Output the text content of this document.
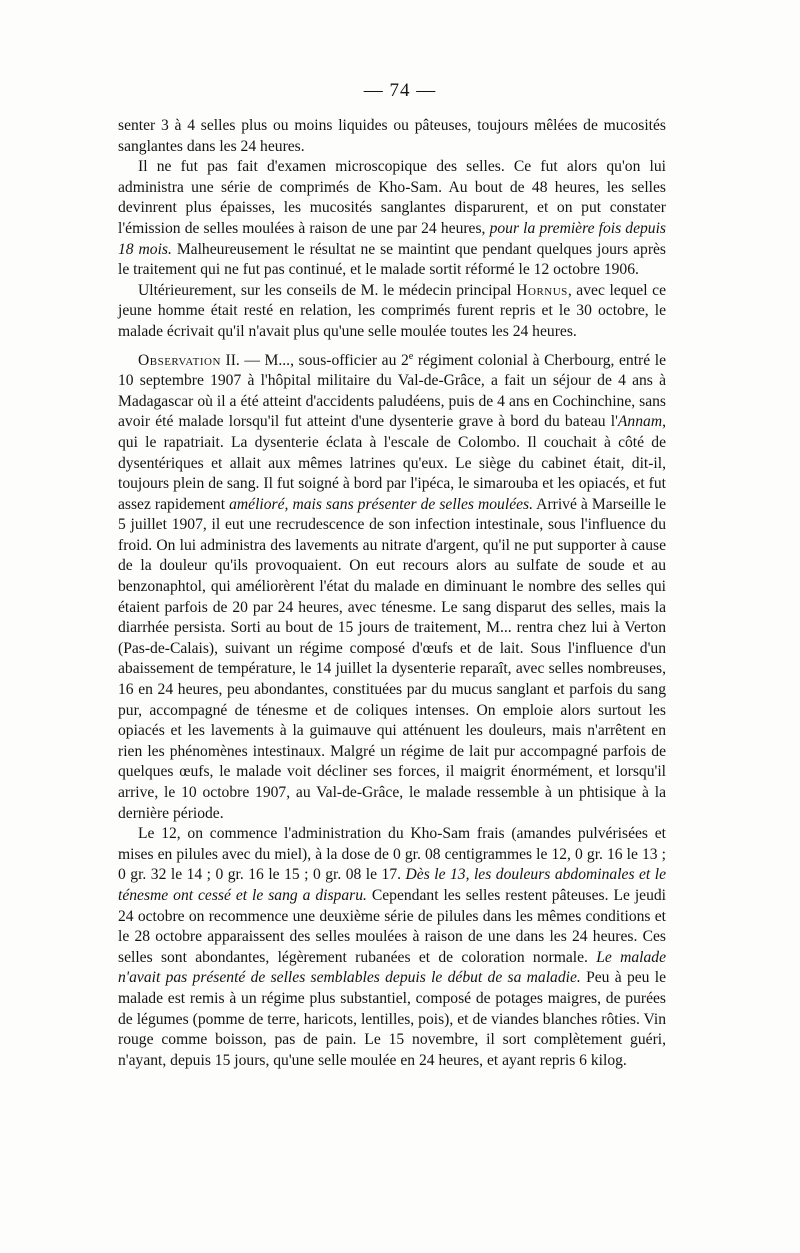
— 74 —

senter 3 à 4 selles plus ou moins liquides ou pâteuses, toujours mêlées de mucosités sanglantes dans les 24 heures.

Il ne fut pas fait d'examen microscopique des selles. Ce fut alors qu'on lui administra une série de comprimés de Kho-Sam. Au bout de 48 heures, les selles devinrent plus épaisses, les mucosités sanglantes disparurent, et on put constater l'émission de selles moulées à raison de une par 24 heures, pour la première fois depuis 18 mois. Malheureusement le résultat ne se maintint que pendant quelques jours après le traitement qui ne fut pas continué, et le malade sortit réformé le 12 octobre 1906.

Ultérieurement, sur les conseils de M. le médecin principal Hornus, avec lequel ce jeune homme était resté en relation, les comprimés furent repris et le 30 octobre, le malade écrivait qu'il n'avait plus qu'une selle moulée toutes les 24 heures.

Observation II. — M..., sous-officier au 2e régiment colonial à Cherbourg, entré le 10 septembre 1907 à l'hôpital militaire du Val-de-Grâce, a fait un séjour de 4 ans à Madagascar où il a été atteint d'accidents paludéens, puis de 4 ans en Cochinchine, sans avoir été malade lorsqu'il fut atteint d'une dysenterie grave à bord du bateau l'Annam, qui le rapatriait. La dysenterie éclata à l'escale de Colombo. Il couchait à côté de dysentériques et allait aux mêmes latrines qu'eux. Le siège du cabinet était, dit-il, toujours plein de sang. Il fut soigné à bord par l'ipéca, le simarouba et les opiacés, et fut assez rapidement amélioré, mais sans présenter de selles moulées. Arrivé à Marseille le 5 juillet 1907, il eut une recrudescence de son infection intestinale, sous l'influence du froid. On lui administra des lavements au nitrate d'argent, qu'il ne put supporter à cause de la douleur qu'ils provoquaient. On eut recours alors au sulfate de soude et au benzonaphtol, qui améliorèrent l'état du malade en diminuant le nombre des selles qui étaient parfois de 20 par 24 heures, avec ténesme. Le sang disparut des selles, mais la diarrhée persista. Sorti au bout de 15 jours de traitement, M... rentra chez lui à Verton (Pas-de-Calais), suivant un régime composé d'œufs et de lait. Sous l'influence d'un abaissement de température, le 14 juillet la dysenterie reparaît, avec selles nombreuses, 16 en 24 heures, peu abondantes, constituées par du mucus sanglant et parfois du sang pur, accompagné de ténesme et de coliques intenses. On emploie alors surtout les opiacés et les lavements à la guimauve qui atténuent les douleurs, mais n'arrêtent en rien les phénomènes intestinaux. Malgré un régime de lait pur accompagné parfois de quelques œufs, le malade voit décliner ses forces, il maigrit énormément, et lorsqu'il arrive, le 10 octobre 1907, au Val-de-Grâce, le malade ressemble à un phtisique à la dernière période.

Le 12, on commence l'administration du Kho-Sam frais (amandes pulvérisées et mises en pilules avec du miel), à la dose de 0 gr. 08 centigrammes le 12, 0 gr. 16 le 13 ; 0 gr. 32 le 14 ; 0 gr. 16 le 15 ; 0 gr. 08 le 17. Dès le 13, les douleurs abdominales et le ténesme ont cessé et le sang a disparu. Cependant les selles restent pâteuses. Le jeudi 24 octobre on recommence une deuxième série de pilules dans les mêmes conditions et le 28 octobre apparaissent des selles moulées à raison de une dans les 24 heures. Ces selles sont abondantes, légèrement rubanées et de coloration normale. Le malade n'avait pas présenté de selles semblables depuis le début de sa maladie. Peu à peu le malade est remis à un régime plus substantiel, composé de potages maigres, de purées de légumes (pomme de terre, haricots, lentilles, pois), et de viandes blanches rôties. Vin rouge comme boisson, pas de pain. Le 15 novembre, il sort complètement guéri, n'ayant, depuis 15 jours, qu'une selle moulée en 24 heures, et ayant repris 6 kilog.
